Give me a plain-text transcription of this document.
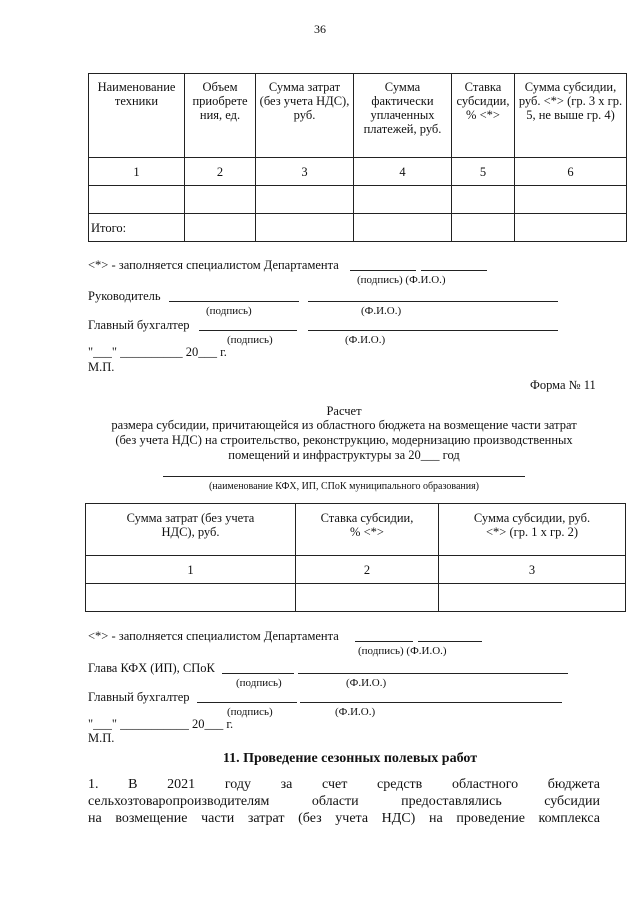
36
Наименование техники	Объем приобрете ния, ед.	Сумма затрат (без учета НДС), руб.	Сумма фактически уплаченных платежей, руб.	Ставка субсидии, % <*>	Сумма субсидии, руб. <*> (гр. 3 x гр. 5, не выше гр. 4)
1	2	3	4	5	6

Итого:					
<*> - заполняется специалистом Департамента
(подпись) (Ф.И.О.)
Руководитель
(подпись)	(Ф.И.О.)
Главный бухгалтер
(подпись)	(Ф.И.О.)
"___" __________ 20___ г.
М.П.
Форма № 11
Расчет
размера субсидии, причитающейся из областного бюджета на возмещение части затрат
(без учета НДС) на строительство, реконструкцию, модернизацию производственных
помещений и инфраструктуры за 20___ год
(наименование КФХ, ИП, СПоК муниципального образования)
Сумма затрат (без учета НДС), руб.	Ставка субсидии, % <*>	Сумма субсидии, руб. <*> (гр. 1 x гр. 2)
1	2	3

<*> - заполняется специалистом Департамента
(подпись) (Ф.И.О.)
Глава КФХ (ИП), СПоК
(подпись)	(Ф.И.О.)
Главный бухгалтер
(подпись)	(Ф.И.О.)
"___" ___________ 20___ г.
М.П.
11. Проведение сезонных полевых работ
1.    В    2021    году    за    счет    средств    областного    бюджета
сельхозтоваропроизводителям    области    предоставлялись    субсидии
на возмещение части затрат (без учета НДС) на проведение комплекса
